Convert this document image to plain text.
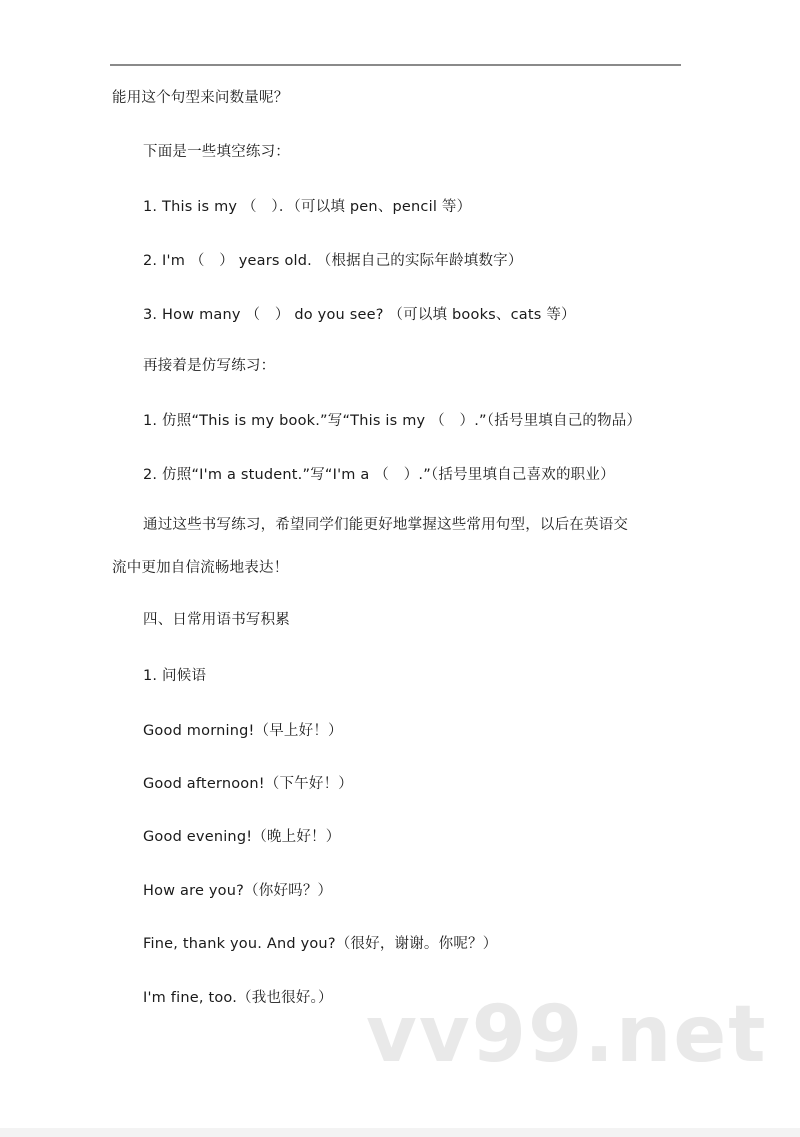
能用这个句型来问数量呢？
下面是一些填空练习：
1. This is my （　）．（可以填 pen、pencil 等）
2. I'm （　） years old. （根据自己的实际年龄填数字）
3. How many （　） do you see? （可以填 books、cats 等）
再接着是仿写练习：
1. 仿照“This is my book.”写“This is my （　）.”（括号里填自己的物品）
2. 仿照“I'm a student.”写“I'm a （　）.”（括号里填自己喜欢的职业）
通过这些书写练习，希望同学们能更好地掌握这些常用句型，以后在英语交
流中更加自信流畅地表达！
四、日常用语书写积累
1. 问候语
Good morning!（早上好！）
Good afternoon!（下午好！）
Good evening!（晚上好！）
How are you?（你好吗？）
Fine, thank you. And you?（很好，谢谢。你呢？）
I'm fine, too.（我也很好。） vv99.net
